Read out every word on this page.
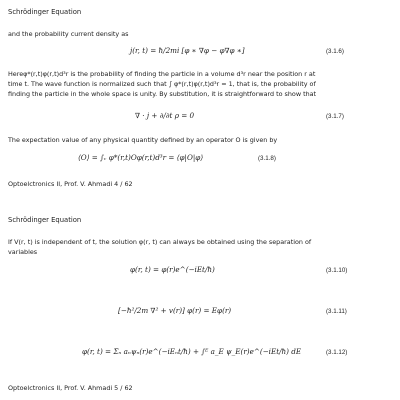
Schrödinger Equation
and the probability current density as
j(r, t) = ħ/2mi [φ ∗ ∇φ − φ∇φ ∗]	(3.1.6)
Hereφ*(r,t)φ(r,t)d³r is the probability of finding the particle in a volume d³r near the position r at
time t. The wave function is normalized such that ∫ φ*(r,t)φ(r,t)d³r = 1, that is, the probability of
finding the particle in the whole space is unity. By substitution, it is straightforward to show that
∇ · j + ∂/∂t ρ = 0	(3.1.7)
The expectation value of any physical quantity defined by an operator O is given by
⟨O⟩ = ∫ᵥ φ*(r,t)Oφ(r,t)d³r = ⟨φ|O|φ⟩	(3.1.8)
Optoelctronics II, Prof. V. Ahmadi 4 / 62
Schrödinger Equation
If V(r, t) is independent of t, the solution φ(r, t) can always be obtained using the separation of
variables
φ(r, t) = φ(r)e^(−iEt/ħ)	(3.1.10)
[−ħ²/2m ∇² + v(r)] φ(r) = Eφ(r)	(3.1.11)
φ(r, t) = Σₙ aₙψₙ(r)e^(−iEₙt/ħ) + ∫ᴱ a_E ψ_E(r)e^(−iEt/ħ) dE	(3.1.12)
Optoelctronics II, Prof. V. Ahmadi 5 / 62
